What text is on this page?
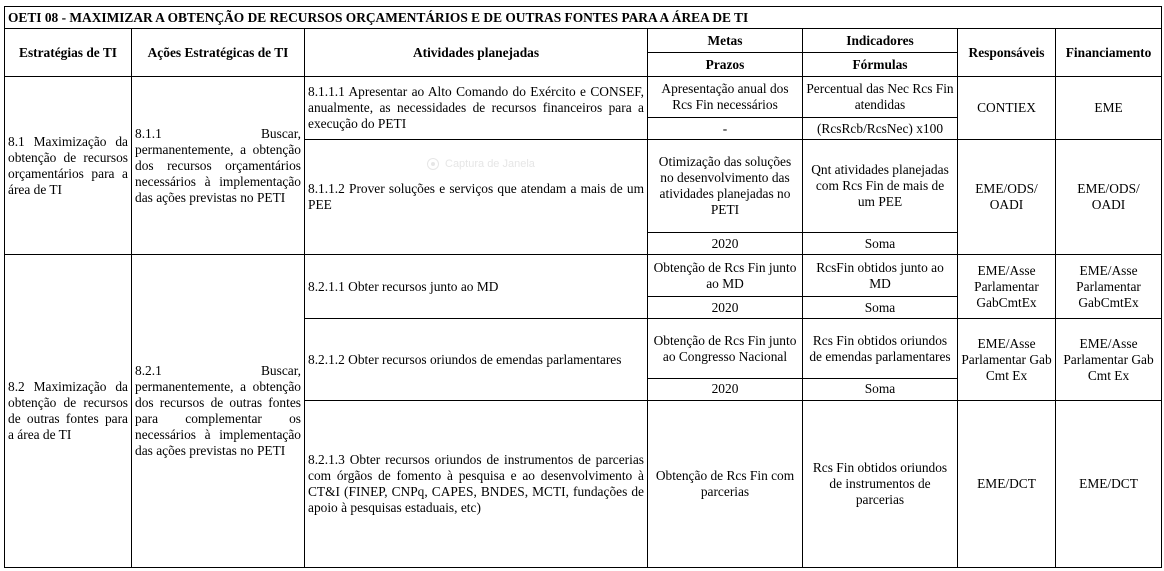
OETI 08 - MAXIMIZAR A OBTENÇÃO DE RECURSOS ORÇAMENTÁRIOS E DE OUTRAS FONTES PARA A ÁREA DE TI						
Estratégias de TI	Ações Estratégicas de TI	Atividades planejadas	Metas	Indicadores	Responsáveis	Financiamento
			Prazos	Fórmulas		
8.1 Maximização da obtenção de recursos orçamentários para a área de TI	8.1.1 Buscar, permanentemente, a obtenção dos recursos orçamentários necessários à implementação das ações previstas no PETI	8.1.1.1 Apresentar ao Alto Comando do Exército e CONSEF, anualmente, as necessidades de recursos financeiros para a execução do PETI	Apresentação anual dos Rcs Fin necessários	Percentual das Nec Rcs Fin atendidas	CONTIEX	EME
			-	(RcsRcb/RcsNec) x100		
		8.1.1.2 Prover soluções e serviços que atendam a mais de um PEE	Otimização das soluções no desenvolvimento das atividades planejadas no PETI	Qnt atividades planejadas com Rcs Fin de mais de um PEE	EME/ODS/ OADI	EME/ODS/ OADI
			2020	Soma		
8.2 Maximização da obtenção de recursos de outras fontes para a área de TI	8.2.1 Buscar, permanentemente, a obtenção dos recursos de outras fontes para complementar os necessários à implementação das ações previstas no PETI	8.2.1.1 Obter recursos junto ao MD	Obtenção de Rcs Fin junto ao MD	RcsFin obtidos junto ao MD	EME/Asse Parlamentar GabCmtEx	EME/Asse Parlamentar GabCmtEx
			2020	Soma		
		8.2.1.2 Obter recursos oriundos de emendas parlamentares	Obtenção de Rcs Fin junto ao Congresso Nacional	Rcs Fin obtidos oriundos de emendas parlamentares	EME/Asse Parlamentar Gab Cmt Ex	EME/Asse Parlamentar Gab Cmt Ex
			2020	Soma		
		8.2.1.3 Obter recursos oriundos de instrumentos de parcerias com órgãos de fomento à pesquisa e ao desenvolvimento à CT&I (FINEP, CNPq, CAPES, BNDES, MCTI, fundações de apoio à pesquisas estaduais, etc)	Obtenção de Rcs Fin com parcerias	Rcs Fin obtidos oriundos de instrumentos de parcerias	EME/DCT	EME/DCT
Captura de Janela
